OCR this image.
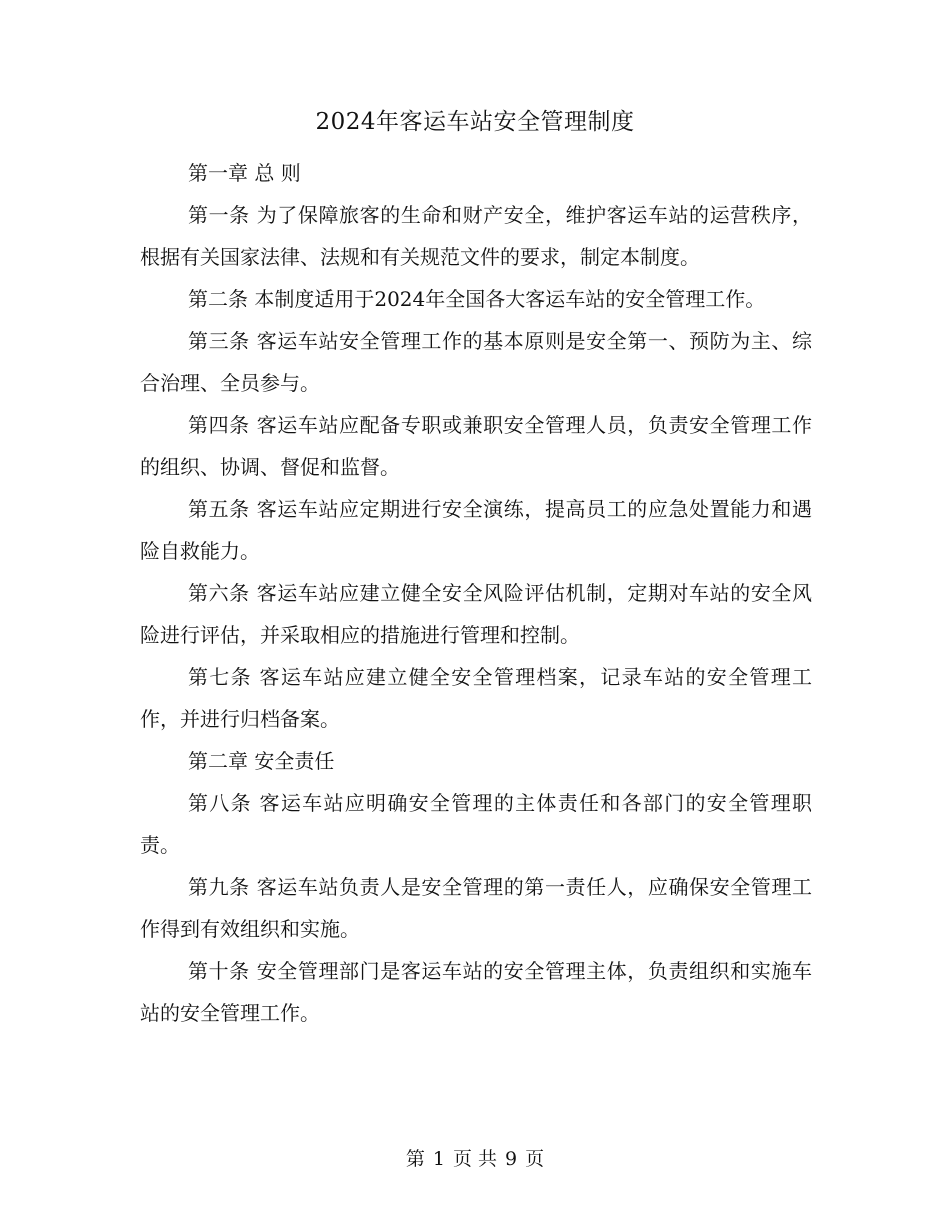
2024年客运车站安全管理制度

第一章 总 则

第一条 为了保障旅客的生命和财产安全，维护客运车站的运营秩序，根据有关国家法律、法规和有关规范文件的要求，制定本制度。

第二条 本制度适用于2024年全国各大客运车站的安全管理工作。

第三条 客运车站安全管理工作的基本原则是安全第一、预防为主、综合治理、全员参与。

第四条 客运车站应配备专职或兼职安全管理人员，负责安全管理工作的组织、协调、督促和监督。

第五条 客运车站应定期进行安全演练，提高员工的应急处置能力和遇险自救能力。

第六条 客运车站应建立健全安全风险评估机制，定期对车站的安全风险进行评估，并采取相应的措施进行管理和控制。

第七条 客运车站应建立健全安全管理档案，记录车站的安全管理工作，并进行归档备案。

第二章 安全责任

第八条 客运车站应明确安全管理的主体责任和各部门的安全管理职责。

第九条 客运车站负责人是安全管理的第一责任人，应确保安全管理工作得到有效组织和实施。

第十条 安全管理部门是客运车站的安全管理主体，负责组织和实施车站的安全管理工作。

第 1 页 共 9 页
